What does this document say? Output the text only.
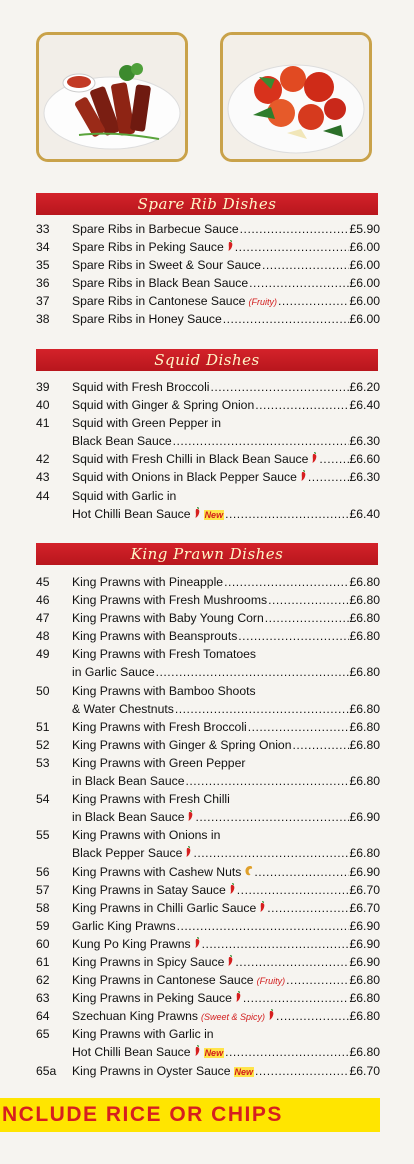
Spare Rib Dishes
33	Spare Ribs in Barbecue Sauce .....	£5.90
34	Spare Ribs in Peking Sauce .....	£6.00
35	Spare Ribs in Sweet & Sour Sauce .....	£6.00
36	Spare Ribs in Black Bean Sauce .....	£6.00
37	Spare Ribs in Cantonese Sauce (Fruity) .....	£6.00
38	Spare Ribs in Honey Sauce .....	£6.00
Squid Dishes
39	Squid with Fresh Broccoli .....	£6.20
40	Squid with Ginger & Spring Onion .....	£6.40
41	Squid with Green Pepper in
Black Bean Sauce .....	£6.30
42	Squid with Fresh Chilli in Black Bean Sauce .....	£6.60
43	Squid with Onions in Black Pepper Sauce .....	£6.30
44	Squid with Garlic in
Hot Chilli Bean Sauce New .....	£6.40
King Prawn Dishes
45	King Prawns with Pineapple .....	£6.80
46	King Prawns with Fresh Mushrooms .....	£6.80
47	King Prawns with Baby Young Corn .....	£6.80
48	King Prawns with Beansprouts .....	£6.80
49	King Prawns with Fresh Tomatoes
in Garlic Sauce .....	£6.80
50	King Prawns with Bamboo Shoots
& Water Chestnuts .....	£6.80
51	King Prawns with Fresh Broccoli .....	£6.80
52	King Prawns with Ginger & Spring Onion .....	£6.80
53	King Prawns with Green Pepper
in Black Bean Sauce .....	£6.80
54	King Prawns with Fresh Chilli
in Black Bean Sauce .....	£6.90
55	King Prawns with Onions in
Black Pepper Sauce .....	£6.80
56	King Prawns with Cashew Nuts .....	£6.90
57	King Prawns in Satay Sauce .....	£6.70
58	King Prawns in Chilli Garlic Sauce .....	£6.70
59	Garlic King Prawns .....	£6.90
60	Kung Po King Prawns .....	£6.90
61	King Prawns in Spicy Sauce .....	£6.90
62	King Prawns in Cantonese Sauce (Fruity) .....	£6.80
63	King Prawns in Peking Sauce .....	£6.80
64	Szechuan King Prawns (Sweet & Spicy) .....	£6.80
65	King Prawns with Garlic in
Hot Chilli Bean Sauce New .....	£6.80
65a	King Prawns in Oyster Sauce New .....	£6.70
NCLUDE RICE OR CHIPS
